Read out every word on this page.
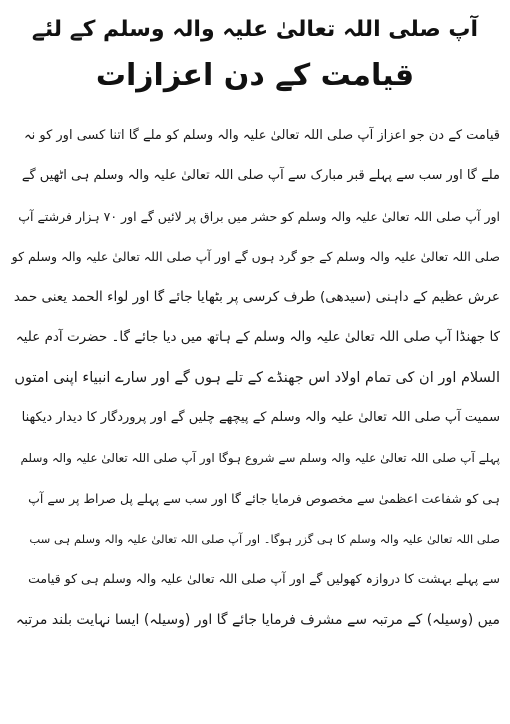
آپ صلی اللہ تعالیٰ علیہ والہ وسلم کے لئے
قیامت کے دن اعزازات
قیامت کے دن جو اعزاز آپ صلی اللہ تعالیٰ علیہ والہ وسلم کو ملے گا اتنا کسی اور کو نہ
ملے گا اور سب سے پہلے قبر مبارک سے آپ صلی اللہ تعالیٰ علیہ والہ وسلم ہی اٹھیں گے
اور آپ صلی اللہ تعالیٰ علیہ والہ وسلم کو حشر میں براق پر لائیں گے اور ۷۰ ہزار فرشتے آپ
صلی اللہ تعالیٰ علیہ والہ وسلم کے جو گرد ہوں گے اور آپ صلی اللہ تعالیٰ علیہ والہ وسلم کو
عرش عظیم کے داہنی (سیدھی) طرف کرسی پر بٹھایا جائے گا اور لواء الحمد یعنی حمد
کا جھنڈا آپ صلی اللہ تعالیٰ علیہ والہ وسلم کے ہاتھ میں دیا جائے گا۔ حضرت آدم علیہ
السلام اور ان کی تمام اولاد اس جھنڈے کے تلے ہوں گے اور سارے انبیاء اپنی امتوں
سمیت آپ صلی اللہ تعالیٰ علیہ والہ وسلم کے پیچھے چلیں گے اور پروردگار کا دیدار دیکھنا
پہلے آپ صلی اللہ تعالیٰ علیہ والہ وسلم سے شروع ہوگا اور آپ صلی اللہ تعالیٰ علیہ والہ وسلم
ہی کو شفاعت اعظمیٰ سے مخصوص فرمایا جائے گا اور سب سے پہلے پل صراط پر سے آپ
صلی اللہ تعالیٰ علیہ والہ وسلم کا ہی گزر ہوگا۔ اور آپ صلی اللہ تعالیٰ علیہ والہ وسلم ہی سب
سے پہلے بہشت کا دروازہ کھولیں گے اور آپ صلی اللہ تعالیٰ علیہ والہ وسلم ہی کو قیامت
میں (وسیلہ) کے مرتبہ سے مشرف فرمایا جائے گا اور (وسیلہ) ایسا نہایت بلند مرتبہ
